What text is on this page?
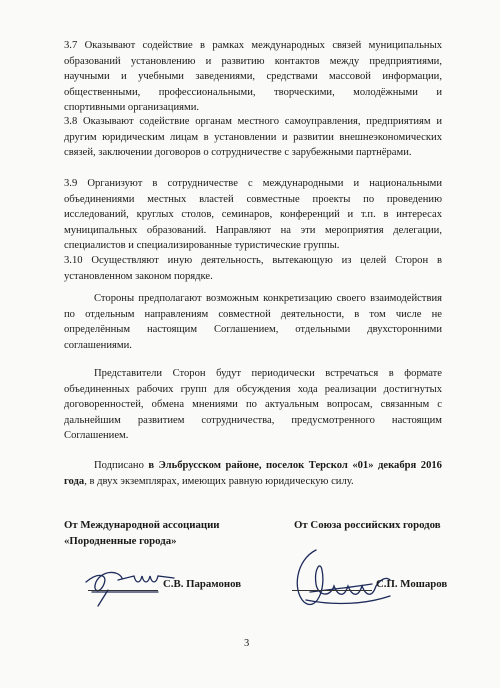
3.7 Оказывают содействие в рамках международных связей муниципальных образований установлению и развитию контактов между предприятиями, научными и учебными заведениями, средствами массовой информации, общественными, профессиональными, творческими, молодёжными и спортивными организациями.
3.8 Оказывают содействие органам местного самоуправления, предприятиям и другим юридическим лицам в установлении и развитии внешнеэкономических связей, заключении договоров о сотрудничестве с зарубежными партнёрами.
3.9 Организуют в сотрудничестве с международными и национальными объединениями местных властей совместные проекты по проведению исследований, круглых столов, семинаров, конференций и т.п. в интересах муниципальных образований. Направляют на эти мероприятия делегации, специалистов и специализированные туристические группы.
3.10 Осуществляют иную деятельность, вытекающую из целей Сторон в установленном законом порядке.
Стороны предполагают возможным конкретизацию своего взаимодействия по отдельным направлениям совместной деятельности, в том числе не определённым настоящим Соглашением, отдельными двухсторонними соглашениями.
Представители Сторон будут периодически встречаться в формате объединенных рабочих групп для обсуждения хода реализации достигнутых договоренностей, обмена мнениями по актуальным вопросам, связанным с дальнейшим развитием сотрудничества, предусмотренного настоящим Соглашением.
Подписано в Эльбрусском районе, поселок Терскол «01» декабря 2016 года, в двух экземплярах, имеющих равную юридическую силу.
От Международной ассоциации
«Породненные города»
С.В. Парамонов
От Союза российских городов
С.П. Мошаров
3
